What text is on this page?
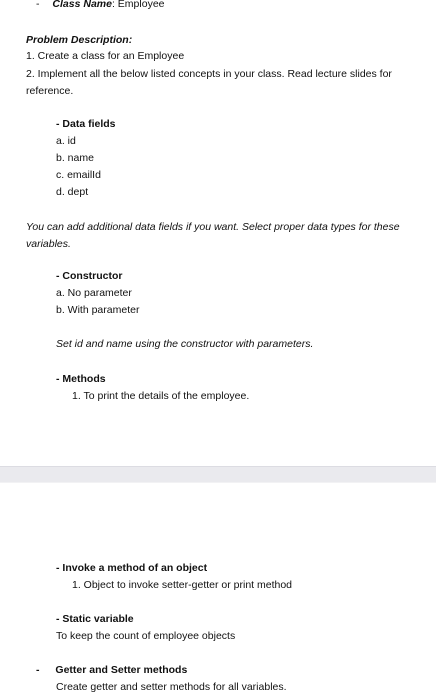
- Class Name: Employee
Problem Description:
1. Create a class for an Employee
2. Implement all the below listed concepts in your class. Read lecture slides for reference.
- Data fields
a. id
b. name
c. emailId
d. dept
You can add additional data fields if you want. Select proper data types for these variables.
- Constructor
a. No parameter
b. With parameter
Set id and name using the constructor with parameters.
- Methods
1. To print the details of the employee.
- Invoke a method of an object
1. Object to invoke setter-getter or print method
- Static variable
To keep the count of employee objects
- Getter and Setter methods
Create getter and setter methods for all variables.
